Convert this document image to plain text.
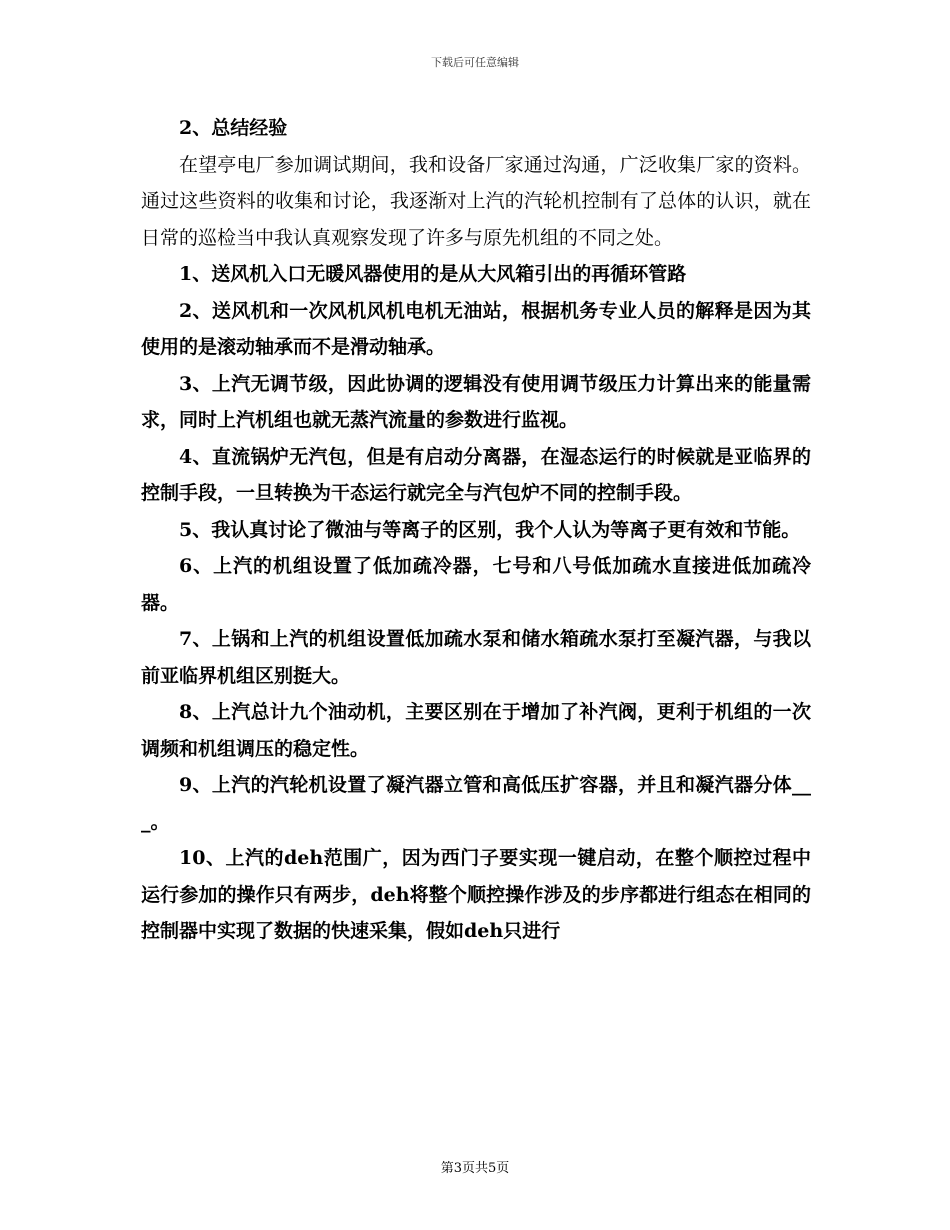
下载后可任意编辑

2、总结经验

在望亭电厂参加调试期间，我和设备厂家通过沟通，广泛收集厂家的资料。通过这些资料的收集和讨论，我逐渐对上汽的汽轮机控制有了总体的认识，就在日常的巡检当中我认真观察发现了许多与原先机组的不同之处。

1、送风机入口无暖风器使用的是从大风箱引出的再循环管路

2、送风机和一次风机风机电机无油站，根据机务专业人员的解释是因为其使用的是滚动轴承而不是滑动轴承。

3、上汽无调节级，因此协调的逻辑没有使用调节级压力计算出来的能量需求，同时上汽机组也就无蒸汽流量的参数进行监视。

4、直流锅炉无汽包，但是有启动分离器，在湿态运行的时候就是亚临界的控制手段，一旦转换为干态运行就完全与汽包炉不同的控制手段。

5、我认真讨论了微油与等离子的区别，我个人认为等离子更有效和节能。

6、上汽的机组设置了低加疏冷器，七号和八号低加疏水直接进低加疏冷器。

7、上锅和上汽的机组设置低加疏水泵和储水箱疏水泵打至凝汽器，与我以前亚临界机组区别挺大。

8、上汽总计九个油动机，主要区别在于增加了补汽阀，更利于机组的一次调频和机组调压的稳定性。

9、上汽的汽轮机设置了凝汽器立管和高低压扩容器，并且和凝汽器分体___。

10、上汽的deh范围广，因为西门子要实现一键启动，在整个顺控过程中运行参加的操作只有两步，deh将整个顺控操作涉及的步序都进行组态在相同的控制器中实现了数据的快速采集，假如deh只进行

第3页共5页
